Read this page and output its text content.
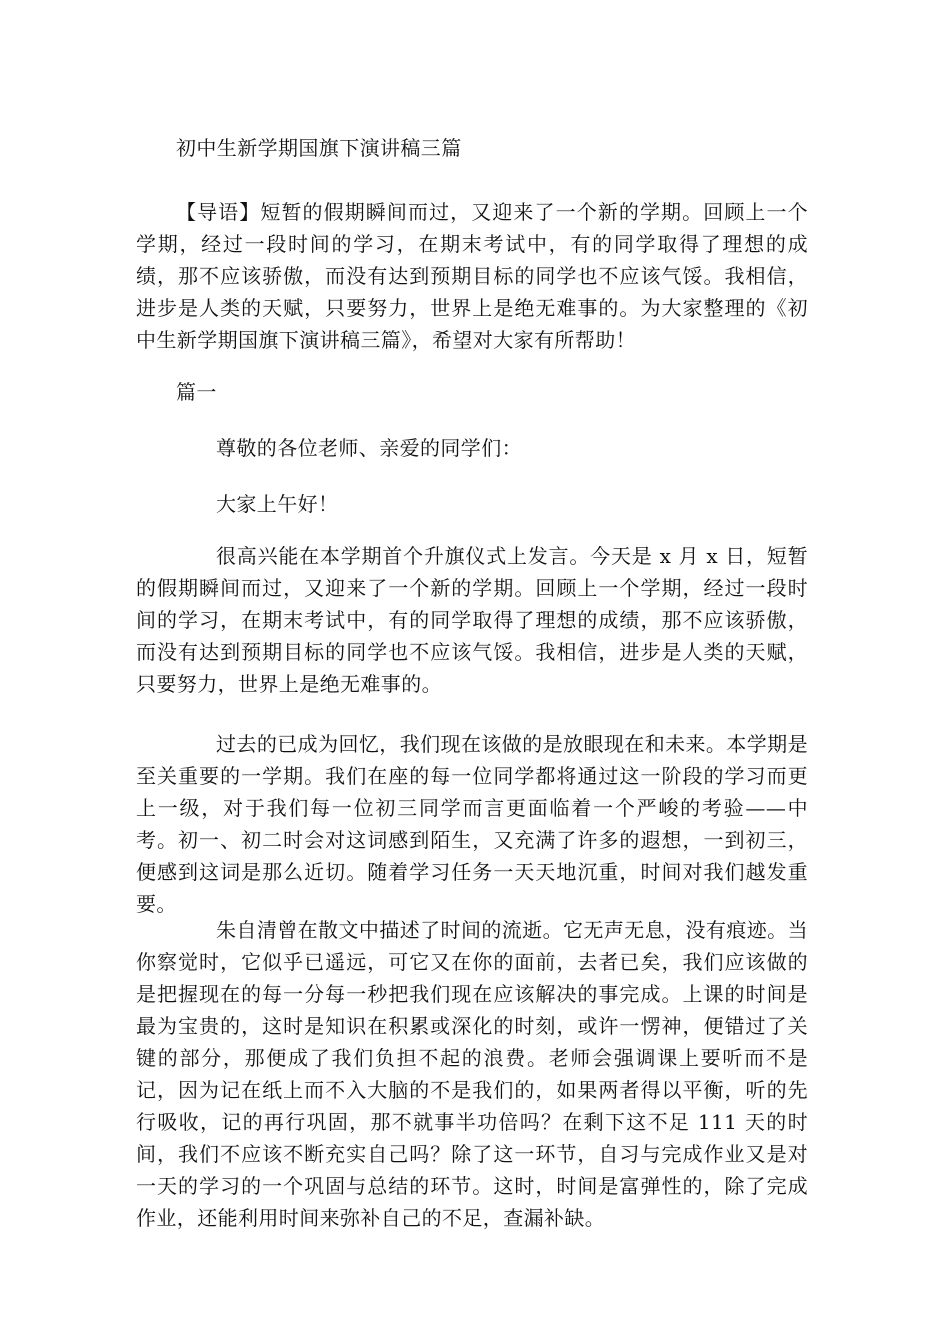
初中生新学期国旗下演讲稿三篇

【导语】短暂的假期瞬间而过，又迎来了一个新的学期。回顾上一个学期，经过一段时间的学习，在期末考试中，有的同学取得了理想的成绩，那不应该骄傲，而没有达到预期目标的同学也不应该气馁。我相信，进步是人类的天赋，只要努力，世界上是绝无难事的。为大家整理的《初中生新学期国旗下演讲稿三篇》，希望对大家有所帮助！

篇一

尊敬的各位老师、亲爱的同学们：

大家上午好！

很高兴能在本学期首个升旗仪式上发言。今天是 x 月 x 日，短暂的假期瞬间而过，又迎来了一个新的学期。回顾上一个学期，经过一段时间的学习，在期末考试中，有的同学取得了理想的成绩，那不应该骄傲，而没有达到预期目标的同学也不应该气馁。我相信，进步是人类的天赋，只要努力，世界上是绝无难事的。

过去的已成为回忆，我们现在该做的是放眼现在和未来。本学期是至关重要的一学期。我们在座的每一位同学都将通过这一阶段的学习而更上一级，对于我们每一位初三同学而言更面临着一个严峻的考验——中考。初一、初二时会对这词感到陌生，又充满了许多的遐想，一到初三，便感到这词是那么近切。随着学习任务一天天地沉重，时间对我们越发重要。

朱自清曾在散文中描述了时间的流逝。它无声无息，没有痕迹。当你察觉时，它似乎已遥远，可它又在你的面前，去者已矣，我们应该做的是把握现在的每一分每一秒把我们现在应该解决的事完成。上课的时间是最为宝贵的，这时是知识在积累或深化的时刻，或许一愣神，便错过了关键的部分，那便成了我们负担不起的浪费。老师会强调课上要听而不是记，因为记在纸上而不入大脑的不是我们的，如果两者得以平衡，听的先行吸收，记的再行巩固，那不就事半功倍吗？在剩下这不足 111 天的时间，我们不应该不断充实自己吗？除了这一环节，自习与完成作业又是对一天的学习的一个巩固与总结的环节。这时，时间是富弹性的，除了完成作业，还能利用时间来弥补自己的不足，查漏补缺。
